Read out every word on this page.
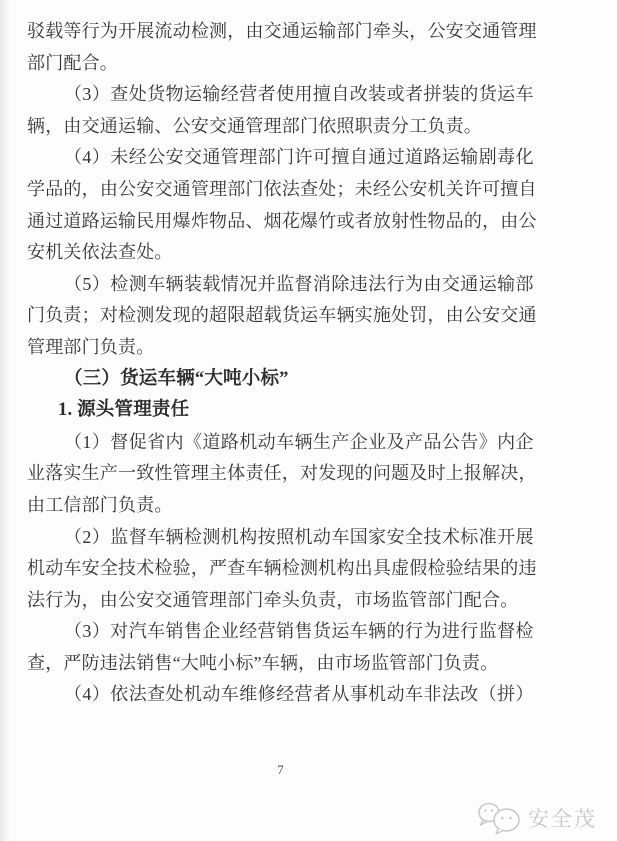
驳 载 等 行 为 开 展 流 动 检 测 ， 由 交 通 运 输 部 门 牵 头 ， 公 安 交 通 管 理
部门配合。
（ 3 ） 查 处 货 物 运 输 经 营 者 使 用 擅 自 改 装 或 者 拼 装 的 货 运 车
辆，由交通运输、公安交通管理部门依照职责分工负责。
（ 4 ） 未 经 公 安 交 通 管 理 部 门 许 可 擅 自 通 过 道 路 运 输 剧 毒 化
学 品 的 ， 由 公 安 交 通 管 理 部 门 依 法 查 处 ； 未 经 公 安 机 关 许 可 擅 自
通 过 道 路 运 输 民 用 爆 炸 物 品 、 烟 花 爆 竹 或 者 放 射 性 物 品 的 ， 由 公
安机关依法查处。
（ 5 ） 检 测 车 辆 装 载 情 况 并 监 督 消 除 违 法 行 为 由 交 通 运 输 部
门 负 责 ； 对 检 测 发 现 的 超 限 超 载 货 运 车 辆 实 施 处 罚 ， 由 公 安 交 通
管理部门负责。
（三）货运车辆“大吨小标”
1. 源头管理责任
（ 1 ） 督 促 省 内 《 道 路 机 动 车 辆 生 产 企 业 及 产 品 公 告 》 内 企
业 落 实 生 产 一 致 性 管 理 主 体 责 任 ， 对 发 现 的 问 题 及 时 上 报 解 决 ，
由工信部门负责。
（ 2 ） 监 督 车 辆 检 测 机 构 按 照 机 动 车 国 家 安 全 技 术 标 准 开 展
机 动 车 安 全 技 术 检 验 ， 严 查 车 辆 检 测 机 构 出 具 虚 假 检 验 结 果 的 违
法行为，由公安交通管理部门牵头负责，市场监管部门配合。
（ 3 ） 对 汽 车 销 售 企 业 经 营 销 售 货 运 车 辆 的 行 为 进 行 监 督 检
查，严防违法销售“大吨小标”车辆，由市场监管部门负责。
（ 4 ） 依 法 查 处 机 动 车 维 修 经 营 者 从 事 机 动 车 非 法 改 （ 拼 ）
7
安全茂
